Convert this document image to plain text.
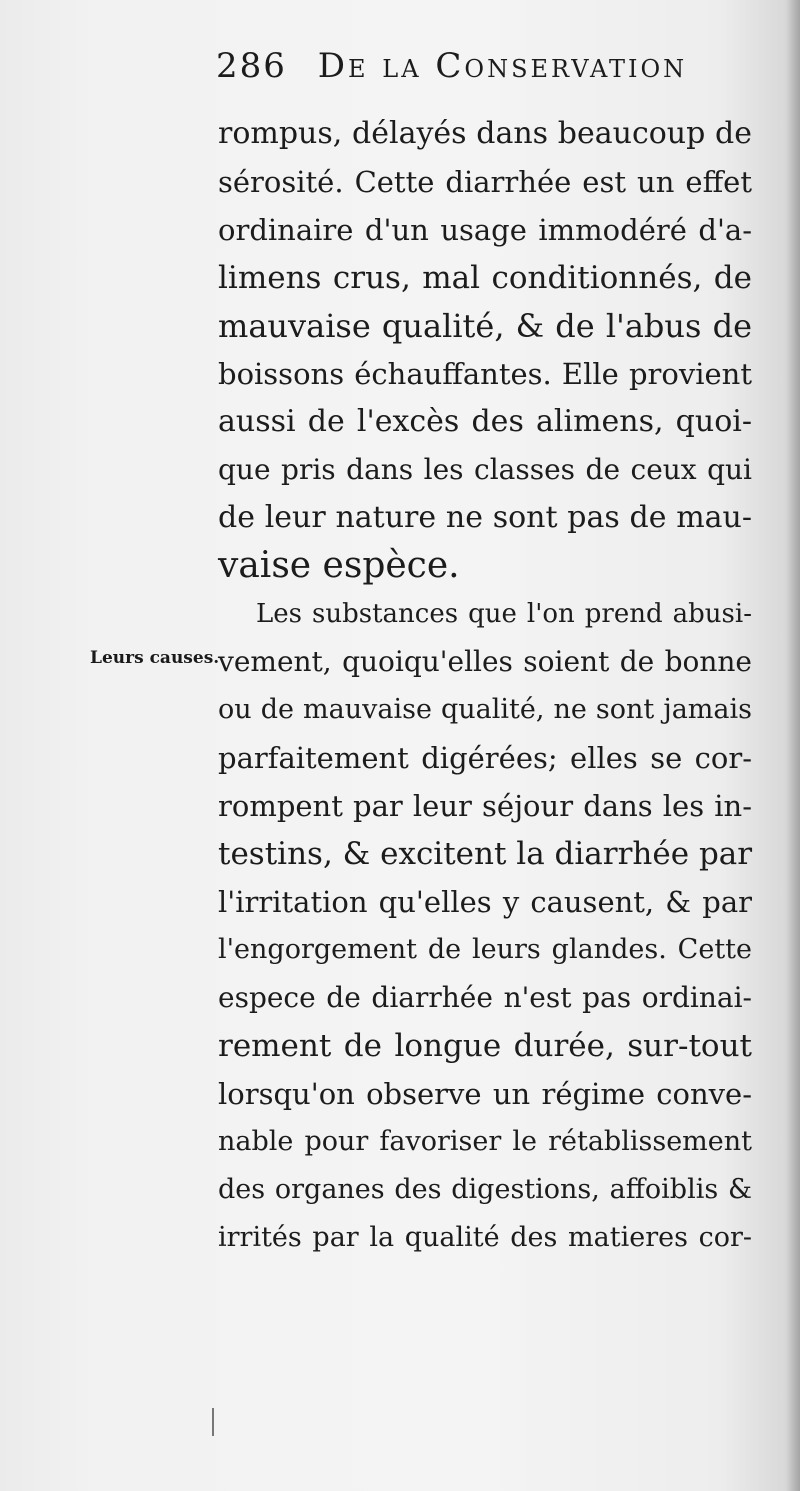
286 De la Conservation
Leurs causes.
rompus, délayés dans beaucoup de
sérosité. Cette diarrhée est un effet
ordinaire d'un usage immodéré d'a-
limens crus, mal conditionnés, de
mauvaise qualité, & de l'abus de
boissons échauffantes. Elle provient
aussi de l'excès des alimens, quoi-
que pris dans les classes de ceux qui
de leur nature ne sont pas de mau-
vaise espèce.
Les substances que l'on prend abusi-
vement, quoiqu'elles soient de bonne
ou de mauvaise qualité, ne sont jamais
parfaitement digérées; elles se cor-
rompent par leur séjour dans les in-
testins, & excitent la diarrhée par
l'irritation qu'elles y causent, & par
l'engorgement de leurs glandes. Cette
espece de diarrhée n'est pas ordinai-
rement de longue durée, sur-tout
lorsqu'on observe un régime conve-
nable pour favoriser le rétablissement
des organes des digestions, affoiblis &
irrités par la qualité des matieres cor-
